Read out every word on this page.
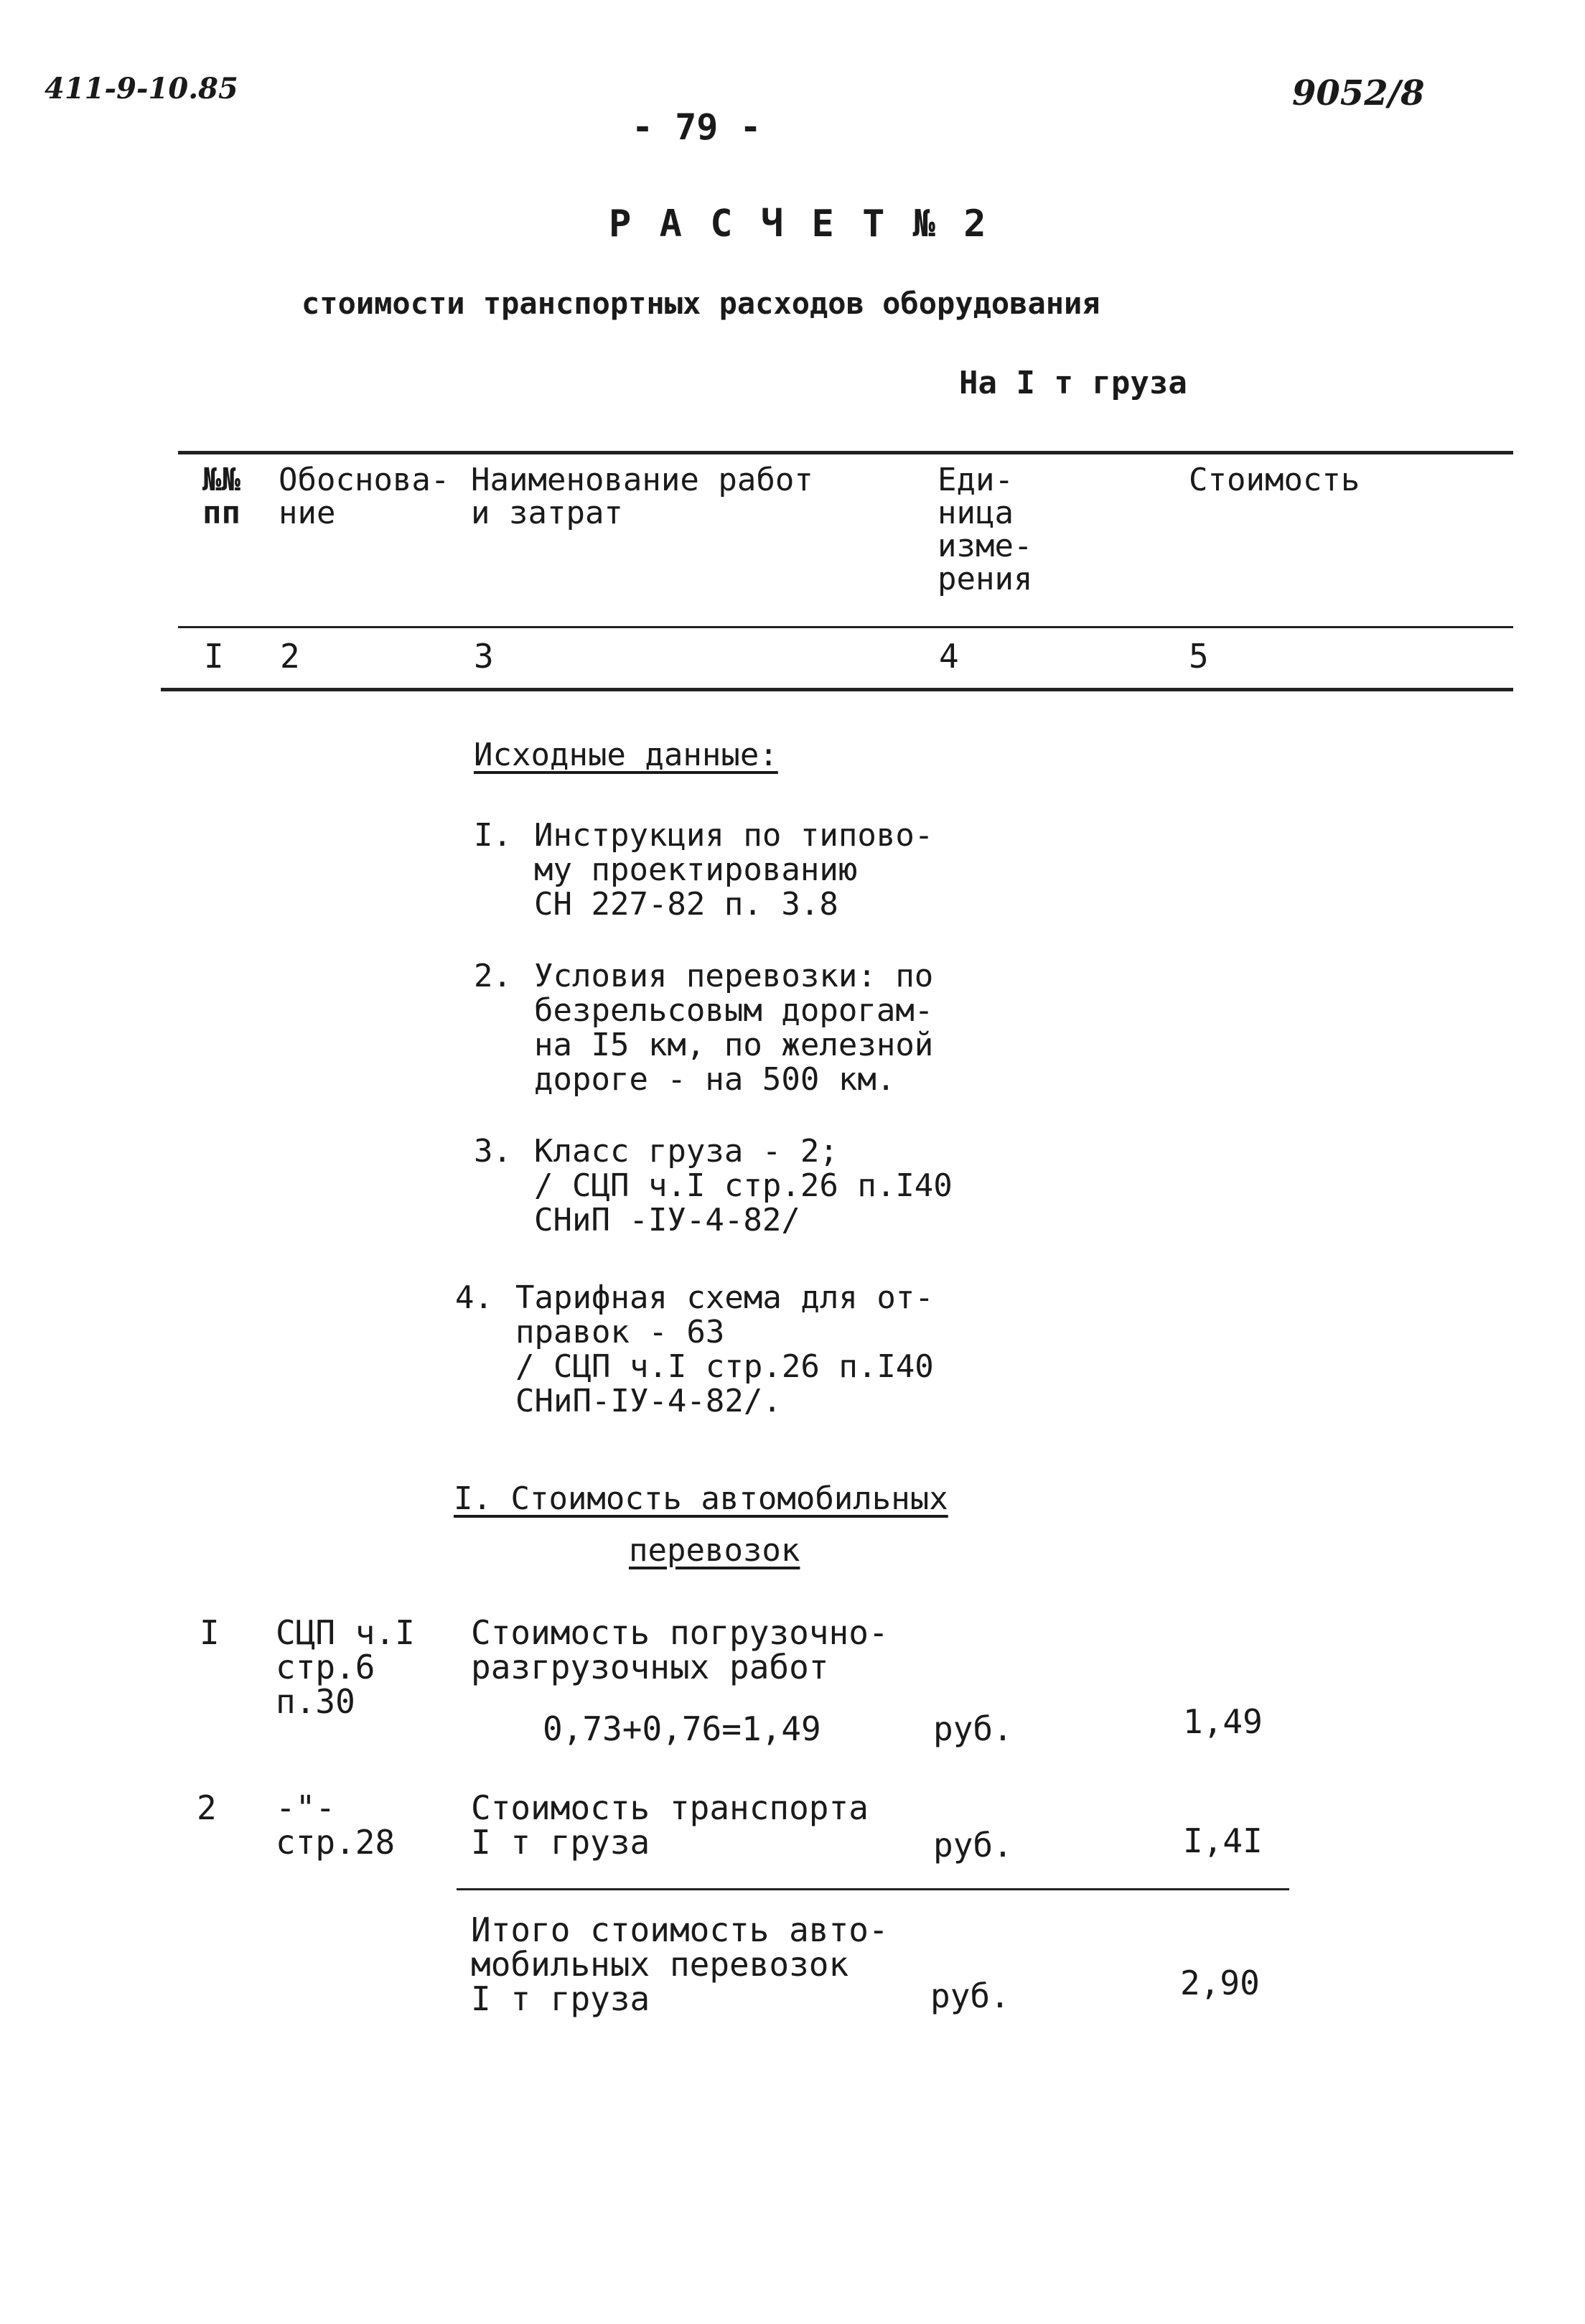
411-9-10.85
- 79 -
9052/8
Р А С Ч Е Т № 2
стоимости транспортных расходов оборудования
На I т груза
№№
пп
Обоснова-
ние
Наименование работ
и затрат
Еди-
ница
изме-
рения
Стоимость
I 2	3	4	5
Исходные данные:
I. Инструкция по типово-
му проектированию
СН 227-82 п. 3.8
2. Условия перевозки: по
безрельсовым дорогам-
на I5 км, по железной
дороге - на 500 км.
3. Класс груза - 2;
/ СЦП ч.I стр.26 п.I40
СНиП -IУ-4-82/
4. Тарифная схема для от-
правок - 63
/ СЦП ч.I стр.26 п.I40
СНиП-IУ-4-82/.
I. Стоимость автомобильных
перевозок
I СЦП ч.I
стр.6
п.30
Стоимость погрузочно-
разгрузочных работ
0,73+0,76=1,49	руб.	1,49
2 -"-
стр.28
Стоимость транспорта
I т груза	руб.	I,4I
Итого стоимость авто-
мобильных перевозок
I т груза	руб.	2,90
